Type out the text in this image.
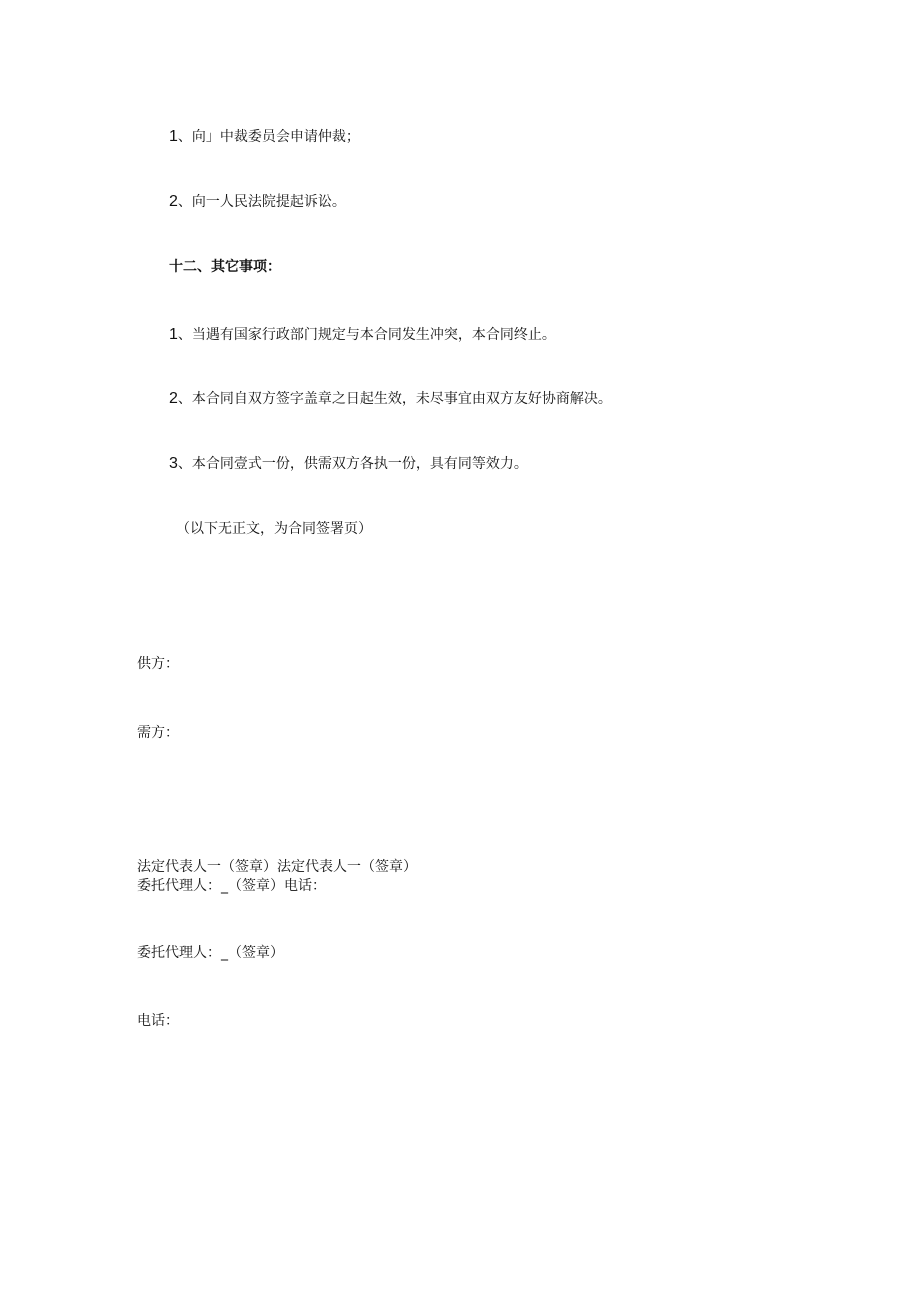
1、向」中裁委员会申请仲裁；
2、向一人民法院提起诉讼。
十二、其它事项：
1、当遇有国家行政部门规定与本合同发生冲突，本合同终止。
2、本合同自双方签字盖章之日起生效，未尽事宜由双方友好协商解决。
3、本合同壹式一份，供需双方各执一份，具有同等效力。
（以下无正文，为合同签署页）
供方：
需方：
法定代表人一（签章）法定代表人一（签章）
委托代理人：_（签章）电话：
委托代理人：_（签章）
电话：
